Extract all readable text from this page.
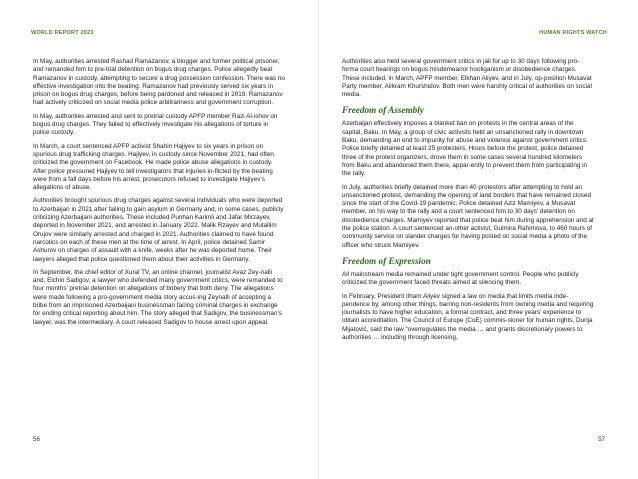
WORLD REPORT 2023

In May, authorities arrested Rashad Ramazanov, a blogger and former political prisoner, and remanded him to pre-trial detention on bogus drug charges. Police allegedly beat Ramazanov in custody, attempting to secure a drug possession confession. There was no effective investigation into the beating. Ramazanov had previously served six years in prison on bogus drug charges, before being pardoned and released in 2019. Ramazanov had actively criticized on social media police arbitrariness and government corruption.

In May, authorities arrested and sent to pretrial custody APFP member Razi Al-ishov on bogus drug charges. They failed to effectively investigate his allegations of torture in police custody.

In March, a court sentenced APFP activist Shahin Hajiyev to six years in prison on spurious drug trafficking charges. Hajiyev, in custody since November 2021, had often criticized the government on Facebook. He made police abuse allegations in custody. After police pressured Hajiyev to tell investigators that injuries in-flicted by the beating were from a fall days before his arrest, prosecutors refused to investigate Hajiyev’s allegations of abuse.

Authorities brought spurious drug charges against several individuals who were deported to Azerbaijan in 2021 after failing to gain asylum in Germany and, in some cases, publicly criticizing Azerbaijani authorities. These included Punhan Karimli and Jafar Mirzayev, deported in November 2021, and arrested in January 2022. Malik Rzayev and Mutallim Orujov were similarly arrested and charged in 2021. Authorities claimed to have found narcotics on each of these men at the time of arrest. In April, police detained Samir Ashurov on charges of assault with a knife, weeks after he was deported home. Their lawyers alleged that police questioned them about their activities in Germany.

In September, the chief editor of Xural TV, an online channel, journalist Avaz Zey-nalli and, Elchin Sadigov, a lawyer who defended many government critics, were remanded to four months’ pretrial detention on allegations of bribery that both deny. The allegations were made following a pro-government media story accus-ing Zeynalli of accepting a bribe from an imprisoned Azerbaijani businessman facing criminal charges in exchange for ending critical reporting about him. The story alleged that Sadigov, the businessman’s lawyer, was the intermediary. A court released Sadigov to house arrest upon appeal.

56
HUMAN RIGHTS WATCH

Authorities also held several government critics in jail for up to 30 days following pro-forma court hearings on bogus misdemeanor hooliganism or disobedience charges. These included, in March, APFP member, Elkhan Aliyev, and in July, op-position Musavat Party member, Alikram Khurshidov. Both men were harshly critical of authorities on social media.

Freedom of Assembly

Azerbaijan effectively imposes a blanket ban on protests in the central areas of the capital, Baku. In May, a group of civic activists held an unsanctioned rally in downtown Baku, demanding an end to impunity for abuse and violence against government critics. Police briefly detained at least 25 protesters. Hours before the protest, police detained three of the protest organizers, drove them in some cases several hundred kilometers from Baku and abandoned them there, appar-ently to prevent them from participating in the rally.

In July, authorities briefly detained more than 40 protestors after attempting to hold an unsanctioned protest, demanding the opening of land borders that have remained closed since the start of the Covid-19 pandemic. Police detained Aziz Mamiyev, a Musavat member, on his way to the rally and a court sentenced him to 30 days’ detention on disobedience charges. Mamiyev reported that police beat him during apprehension and at the police station. A court sentenced an-other activist, Gulmira Rahimova, to 460 hours of community service on slander charges for having posted on social media a photo of the officer who struck Mamiyev.

Freedom of Expression

All mainstream media remained under tight government control. People who publicly criticized the government faced threats aimed at silencing them.

In February, President Ilham Aliyev signed a law on media that limits media inde-pendence by, among other things, barring non-residents from owning media and requiring journalists to have higher education, a formal contract, and three years’ experience to obtain accreditation. The Council of Europe (CoE) commis-sioner for human rights, Dunja Mijatović, said the law “overregulates the media … and grants discretionary powers to authorities … including through licensing,

57
